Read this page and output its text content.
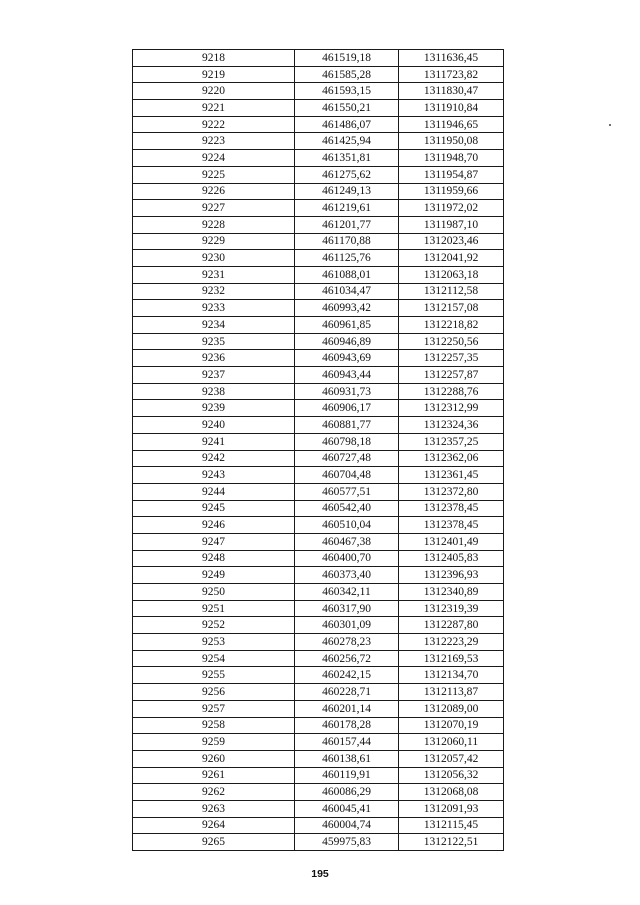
9218	461519,18	1311636,45
9219	461585,28	1311723,82
9220	461593,15	1311830,47
9221	461550,21	1311910,84
9222	461486,07	1311946,65
9223	461425,94	1311950,08
9224	461351,81	1311948,70
9225	461275,62	1311954,87
9226	461249,13	1311959,66
9227	461219,61	1311972,02
9228	461201,77	1311987,10
9229	461170,88	1312023,46
9230	461125,76	1312041,92
9231	461088,01	1312063,18
9232	461034,47	1312112,58
9233	460993,42	1312157,08
9234	460961,85	1312218,82
9235	460946,89	1312250,56
9236	460943,69	1312257,35
9237	460943,44	1312257,87
9238	460931,73	1312288,76
9239	460906,17	1312312,99
9240	460881,77	1312324,36
9241	460798,18	1312357,25
9242	460727,48	1312362,06
9243	460704,48	1312361,45
9244	460577,51	1312372,80
9245	460542,40	1312378,45
9246	460510,04	1312378,45
9247	460467,38	1312401,49
9248	460400,70	1312405,83
9249	460373,40	1312396,93
9250	460342,11	1312340,89
9251	460317,90	1312319,39
9252	460301,09	1312287,80
9253	460278,23	1312223,29
9254	460256,72	1312169,53
9255	460242,15	1312134,70
9256	460228,71	1312113,87
9257	460201,14	1312089,00
9258	460178,28	1312070,19
9259	460157,44	1312060,11
9260	460138,61	1312057,42
9261	460119,91	1312056,32
9262	460086,29	1312068,08
9263	460045,41	1312091,93
9264	460004,74	1312115,45
9265	459975,83	1312122,51
195
